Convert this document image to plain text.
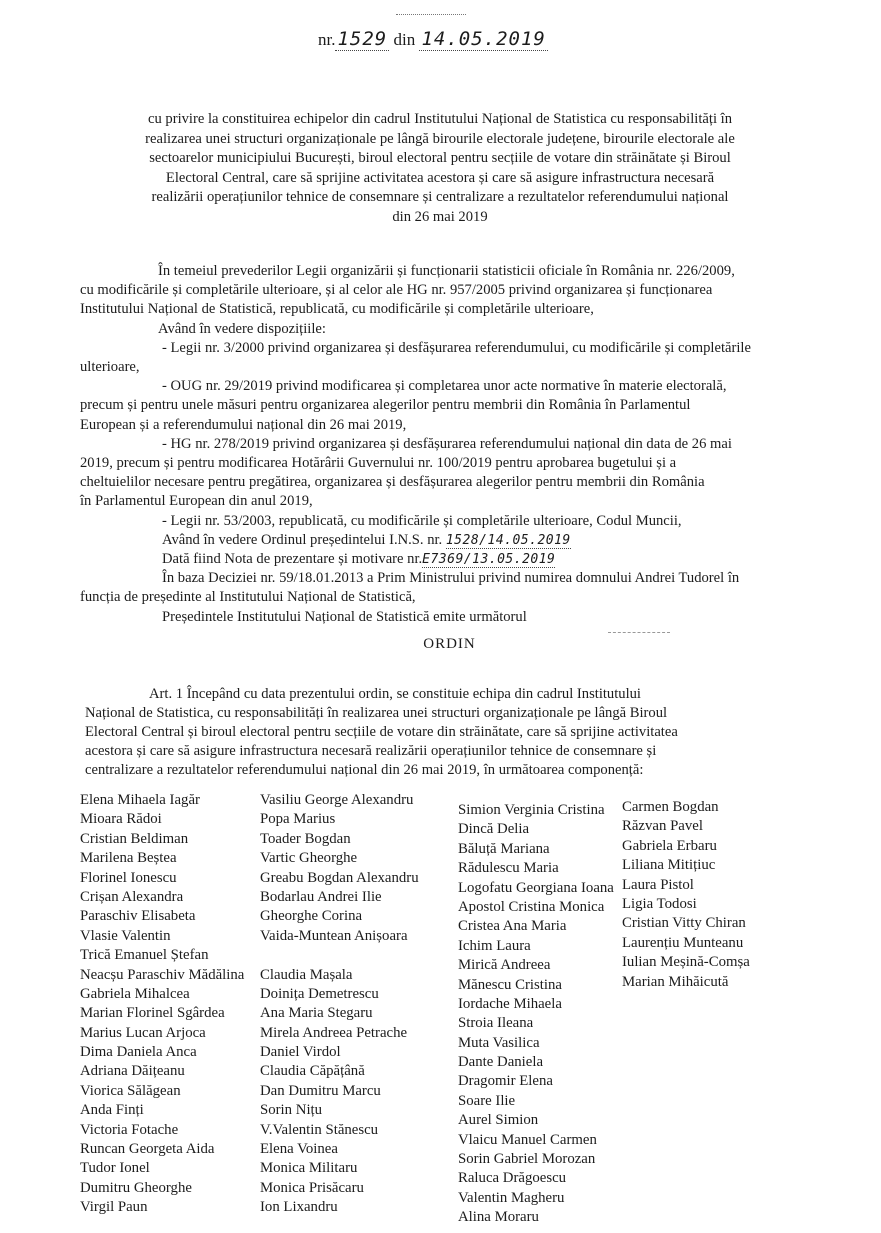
nr. 1529 din 14.05.2019
cu privire la constituirea echipelor din cadrul Institutului Național de Statistica cu responsabilități în
realizarea unei structuri organizaționale pe lângă birourile electorale județene, birourile electorale ale
sectoarelor municipiului București, biroul electoral pentru secțiile de votare din străinătate și Biroul
Electoral Central, care să sprijine activitatea acestora și care să asigure infrastructura necesară
realizării operațiunilor tehnice de consemnare și centralizare a rezultatelor referendumului național
din 26 mai 2019

În temeiul prevederilor Legii organizării și funcționarii statisticii oficiale în România nr. 226/2009,

cu modificările și completările ulterioare, și al celor ale HG nr. 957/2005 privind organizarea și funcționarea

Institutului Național de Statistică, republicată, cu modificările și completările ulterioare,

Având în vedere dispozițiile:

- Legii nr. 3/2000 privind organizarea și desfășurarea referendumului, cu modificările și completările

ulterioare,

- OUG nr. 29/2019 privind modificarea și completarea unor acte normative în materie electorală,

precum și pentru unele măsuri pentru organizarea alegerilor pentru membrii din România în Parlamentul

European și a referendumului național din 26 mai 2019,

- HG nr. 278/2019 privind organizarea și desfășurarea referendumului național din data de 26 mai

2019, precum și pentru modificarea Hotărârii Guvernului nr. 100/2019 pentru aprobarea bugetului și a

cheltuielilor necesare pentru pregătirea, organizarea și desfășurarea alegerilor pentru membrii din România

în Parlamentul European din anul 2019,

- Legii nr. 53/2003, republicată, cu modificările și completările ulterioare, Codul Muncii,

Având în vedere Ordinul președintelui I.N.S. nr. 1528/14.05.2019

Dată fiind Nota de prezentare și motivare nr.E7369/13.05.2019

În baza Deciziei nr. 59/18.01.2013 a Prim Ministrului privind numirea domnului Andrei Tudorel în

funcția de președinte al Institutului Național de Statistică,

Președintele Institutului Național de Statistică emite următorul

ORDIN

Art. 1 Începând cu data prezentului ordin, se constituie echipa din cadrul Institutului

Național de Statistica, cu responsabilități în realizarea unei structuri organizaționale pe lângă Biroul

Electoral Central și biroul electoral pentru secțiile de votare din străinătate, care să sprijine activitatea

acestora și care să asigure infrastructura necesară realizării operațiunilor tehnice de consemnare și

centralizare a rezultatelor referendumului național din 26 mai 2019, în următoarea componență:

Elena Mihaela Iagăr
Mioara Rădoi
Cristian Beldiman
Marilena Beștea
Florinel Ionescu
Crișan Alexandra
Paraschiv Elisabeta
Vlasie Valentin
Trică Emanuel Ștefan
Neacșu Paraschiv Mădălina
Gabriela Mihalcea
Marian Florinel Sgârdea
Marius Lucan Arjoca
Dima Daniela Anca
Adriana Dăițeanu
Viorica Sălăgean
Anda Finți
Victoria Fotache
Runcan Georgeta Aida
Tudor Ionel
Dumitru Gheorghe
Virgil Paun
Vasiliu George Alexandru
Popa Marius
Toader Bogdan
Vartic Gheorghe
Greabu Bogdan Alexandru
Bodarlau Andrei Ilie
Gheorghe Corina
Vaida-Muntean Anișoara
Claudia Mașala
Doinița Demetrescu
Ana Maria Stegaru
Mirela Andreea Petrache
Daniel Virdol
Claudia Căpățână
Dan Dumitru Marcu
Sorin Nițu
V.Valentin Stănescu
Elena Voinea
Monica Militaru
Monica Prisăcaru
Ion Lixandru
Simion Verginia Cristina
Dincă Delia
Băluță Mariana
Rădulescu Maria
Logofatu Georgiana Ioana
Apostol Cristina Monica
Cristea Ana Maria
Ichim Laura
Mirică Andreea
Mănescu Cristina
Iordache Mihaela
Stroia Ileana
Muta Vasilica
Dante Daniela
Dragomir Elena
Soare Ilie
Aurel Simion
Vlaicu Manuel Carmen
Sorin Gabriel Morozan
Raluca Drăgoescu
Valentin Magheru
Alina Moraru
Carmen Bogdan
Răzvan Pavel
Gabriela Erbaru
Liliana Mitițiuc
Laura Pistol
Ligia Todosi
Cristian Vitty Chiran
Laurențiu Munteanu
Iulian Meșină-Comșa
Marian Mihăicută
